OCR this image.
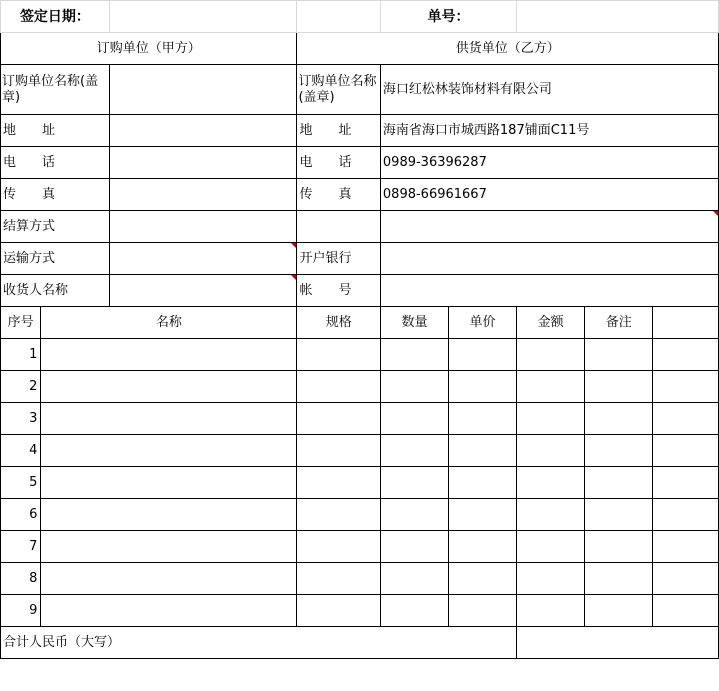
签定日期：				单号：				
订购单位（甲方）			供货单位（乙方）					
订购单位名称(盖章)			订购单位名称(盖章)	海口红松林装饰材料有限公司				
地　　址			地　　址	海南省海口市城西路187铺面C11号				
电　　话			电　　话	0989-36396287				
传　　真			传　　真	0898-66961667				
结算方式								
运输方式			开户银行					
收货人名称			帐　　号					
序号	名称		规格	数量	单价	金额	备注	
1								
2								
3								
4								
5								
6								
7								
8								
9								
合计人民币（大写）								
